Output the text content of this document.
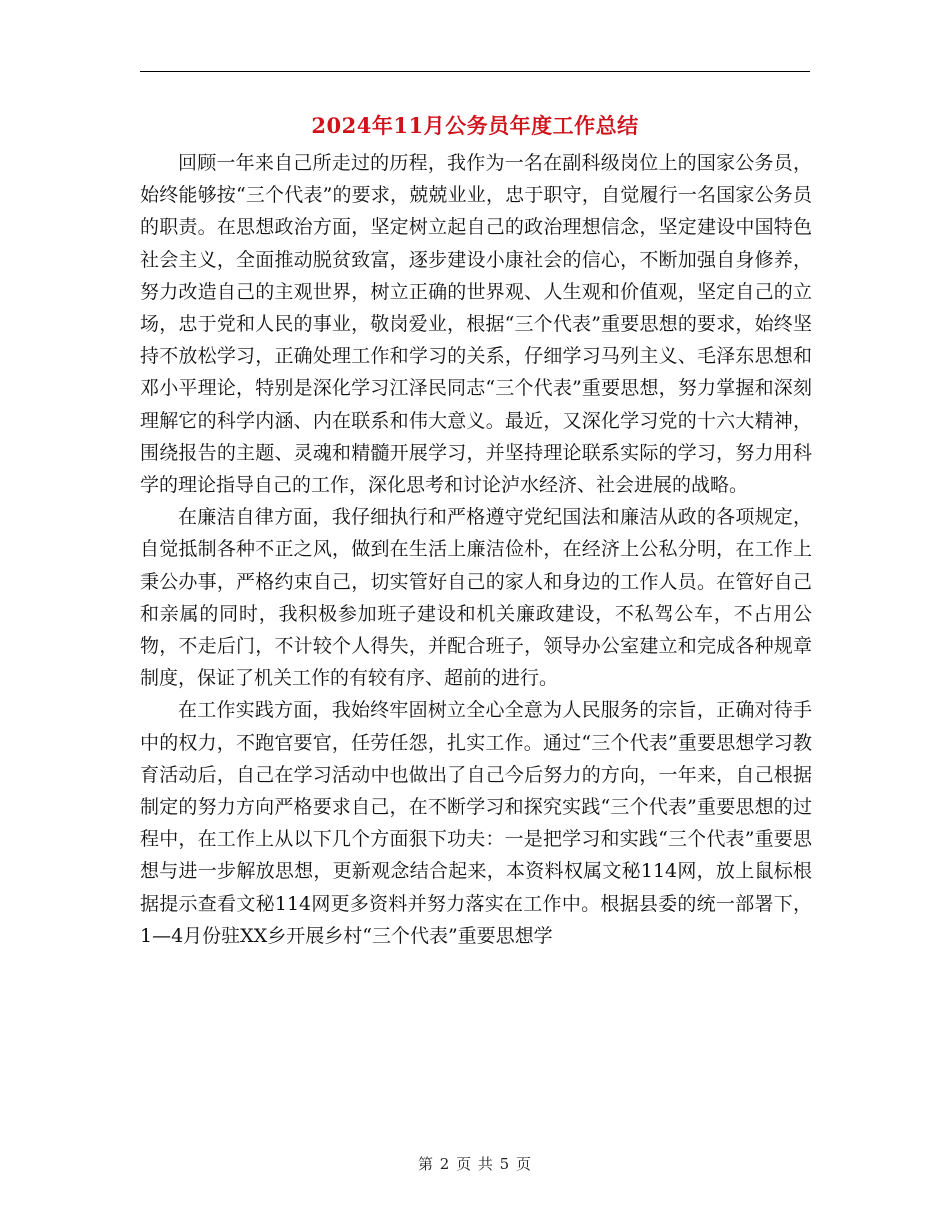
2024年11月公务员年度工作总结

回顾一年来自己所走过的历程，我作为一名在副科级岗位上的国家公务员，始终能够按“三个代表”的要求，兢兢业业，忠于职守，自觉履行一名国家公务员的职责。在思想政治方面，坚定树立起自己的政治理想信念，坚定建设中国特色社会主义，全面推动脱贫致富，逐步建设小康社会的信心，不断加强自身修养，努力改造自己的主观世界，树立正确的世界观、人生观和价值观，坚定自己的立场，忠于党和人民的事业，敬岗爱业，根据“三个代表”重要思想的要求，始终坚持不放松学习，正确处理工作和学习的关系，仔细学习马列主义、毛泽东思想和邓小平理论，特别是深化学习江泽民同志“三个代表”重要思想，努力掌握和深刻理解它的科学内涵、内在联系和伟大意义。最近，又深化学习党的十六大精神，围绕报告的主题、灵魂和精髓开展学习，并坚持理论联系实际的学习，努力用科学的理论指导自己的工作，深化思考和讨论泸水经济、社会进展的战略。

在廉洁自律方面，我仔细执行和严格遵守党纪国法和廉洁从政的各项规定，自觉抵制各种不正之风，做到在生活上廉洁俭朴，在经济上公私分明，在工作上秉公办事，严格约束自己，切实管好自己的家人和身边的工作人员。在管好自己和亲属的同时，我积极参加班子建设和机关廉政建设，不私驾公车，不占用公物，不走后门，不计较个人得失，并配合班子，领导办公室建立和完成各种规章制度，保证了机关工作的有较有序、超前的进行。

在工作实践方面，我始终牢固树立全心全意为人民服务的宗旨，正确对待手中的权力，不跑官要官，任劳任怨，扎实工作。通过“三个代表”重要思想学习教育活动后，自己在学习活动中也做出了自己今后努力的方向，一年来，自己根据制定的努力方向严格要求自己，在不断学习和探究实践“三个代表”重要思想的过程中，在工作上从以下几个方面狠下功夫：一是把学习和实践“三个代表”重要思想与进一步解放思想，更新观念结合起来，本资料权属文秘114网，放上鼠标根据提示查看文秘114网更多资料并努力落实在工作中。根据县委的统一部署下，1—4月份驻XX乡开展乡村“三个代表”重要思想学

第 2 页 共 5 页
